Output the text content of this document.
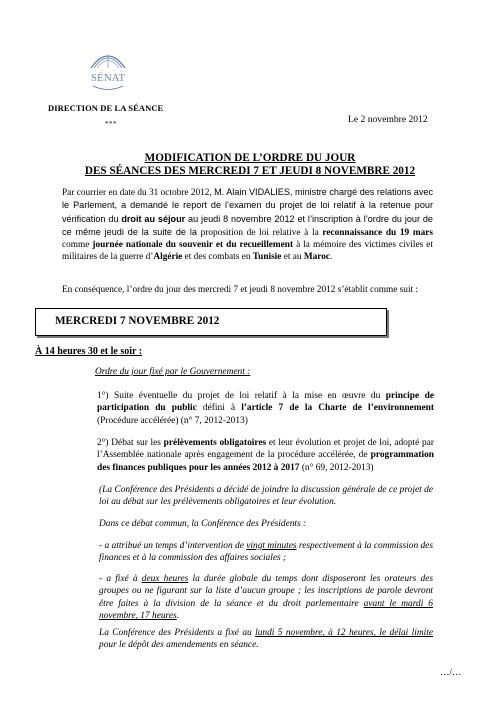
SÉNAT
DIRECTION DE LA SÉANCE
***	Le 2 novembre 2012
MODIFICATION DE L’ORDRE DU JOUR
DES SÉANCES DES MERCREDI 7 ET JEUDI 8 NOVEMBRE 2012
Par courrier en date du 31 octobre 2012, M. Alain VIDALIES, ministre chargé des relations avec le Parlement, a demandé le report de l’examen du projet de loi relatif à la retenue pour vérification du droit au séjour au jeudi 8 novembre 2012 et l’inscription à l’ordre du jour de ce même jeudi de la suite de la proposition de loi relative à la reconnaissance du 19 mars comme journée nationale du souvenir et du recueillement à la mémoire des victimes civiles et militaires de la guerre d’Algérie et des combats en Tunisie et au Maroc.
En conséquence, l’ordre du jour des mercredi 7 et jeudi 8 novembre 2012 s’établit comme suit :
MERCREDI 7 NOVEMBRE 2012
À 14 heures 30 et le soir :
Ordre du jour fixé par le Gouvernement :
1°) Suite éventuelle du projet de loi relatif à la mise en œuvre du principe de participation du public défini à l’article 7 de la Charte de l’environnement (Procédure accélérée) (n° 7, 2012-2013)
2°) Débat sur les prélèvements obligatoires et leur évolution et projet de loi, adopté par l’Assemblée nationale après engagement de la procédure accélérée, de programmation des finances publiques pour les années 2012 à 2017 (n° 69, 2012-2013)
(La Conférence des Présidents a décidé de joindre la discussion générale de ce projet de loi au débat sur les prélèvements obligatoires et leur évolution.
Dans ce débat commun, la Conférence des Présidents :
- a attribué un temps d’intervention de vingt minutes respectivement à la commission des finances et à la commission des affaires sociales ;
- a fixé à deux heures la durée globale du temps dont disposeront les orateurs des groupes ou ne figurant sur la liste d’aucun groupe ; les inscriptions de parole devront être faites à la division de la séance et du droit parlementaire avant le mardi 6 novembre, 17 heures.
La Conférence des Présidents a fixé au lundi 5 novembre, à 12 heures, le délai limite pour le dépôt des amendements en séance.
…/…
